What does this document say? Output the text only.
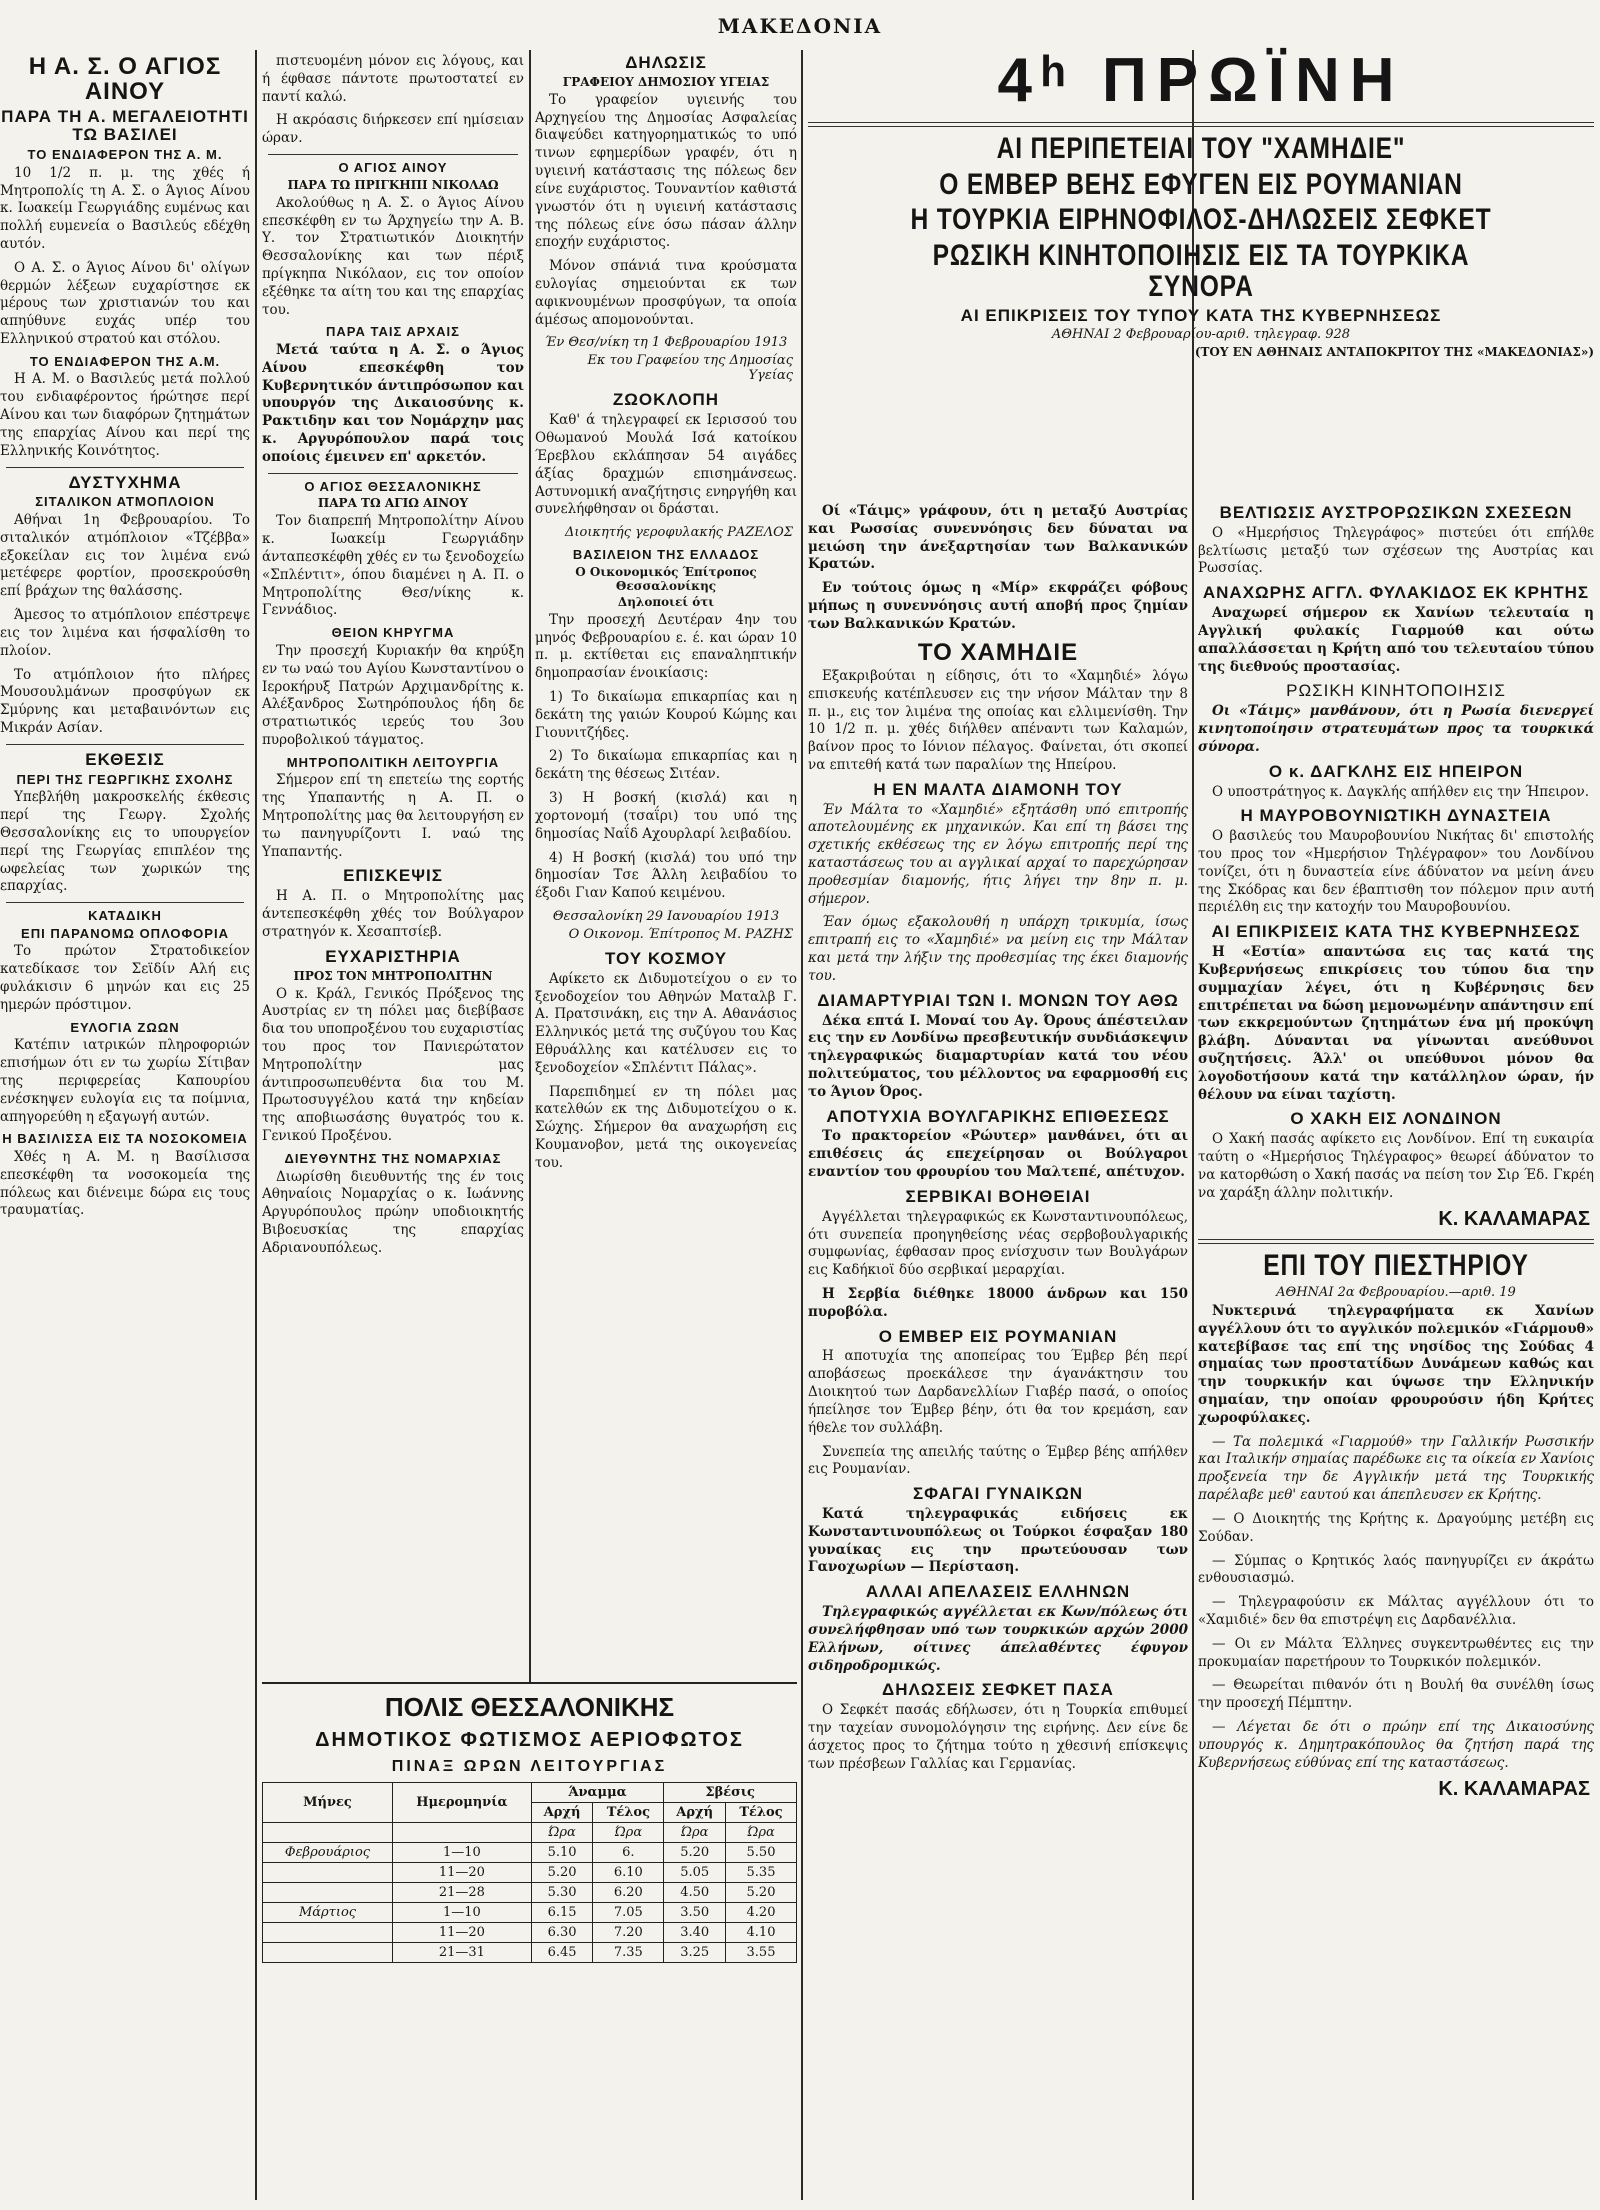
ΜΑΚΕΔΟΝΙΑ
Η Α. Σ. Ο ΑΓΙΟΣ ΑΙΝΟΥ
ΠΑΡΑ ΤΗ Α. ΜΕΓΑΛΕΙΟΤΗΤΙ ΤΩ ΒΑΣΙΛΕΙ
ΤΟ ΕΝΔΙΑΦΕΡΟΝ ΤΗΣ Α. Μ.

10 1/2 π. μ. της χθές ή Μητροπολίς τη Α. Σ. ο Άγιος Αίνου κ. Ιωακείμ Γεωργιάδης ευμένως και πολλή ευμενεία ο Βασιλεύς εδέχθη αυτόν.

Ο Α. Σ. ο Άγιος Αίνου δι' ολίγων θερμών λέξεων ευχαρίστησε εκ μέρους των χριστιανών του και απηύθυνε ευχάς υπέρ του Ελληνικού στρατού και στόλου.

ΤΟ ΕΝΔΙΑΦΕΡΟΝ ΤΗΣ Α.Μ.

Η Α. Μ. ο Βασιλεύς μετά πολλού του ενδιαφέροντος ήρώτησε περί Αίνου και των διαφόρων ζητημάτων της επαρχίας Αίνου και περί της Ελληνικής Κοινότητος.

ΔΥΣΤΥΧΗΜΑ
ΣΙΤΑΛΙΚΟΝ ΑΤΜΟΠΛΟΙΟΝ

Αθήναι 1η Φεβρουαρίου. Το σιταλικόν ατμόπλοιον «Τζέββα» εξοκείλαν εις τον λιμένα ενώ μετέφερε φορτίον, προσεκρούσθη επί βράχων της θαλάσσης.

Άμεσος το ατμόπλοιον επέστρεψε εις τον λιμένα και ήσφαλίσθη το πλοίον.

Το ατμόπλοιον ήτο πλήρες Μουσουλμάνων προσφύγων εκ Σμύρνης και μεταβαινόντων εις Μικράν Ασίαν.

ΕΚΘΕΣΙΣ
ΠΕΡΙ ΤΗΣ ΓΕΩΡΓΙΚΗΣ ΣΧΟΛΗΣ

Υπεβλήθη μακροσκελής έκθεσις περί της Γεωργ. Σχολής Θεσσαλονίκης εις το υπουργείον περί της Γεωργίας επιπλέον της ωφελείας των χωρικών της επαρχίας.

ΚΑΤΑΔΙΚΗ
ΕΠΙ ΠΑΡΑΝΟΜΩ ΟΠΛΟΦΟΡΙΑ

Το πρώτον Στρατοδικείον κατεδίκασε τον Σεϊδίν Αλή εις φυλάκισιν 6 μηνών και εις 25 ημερών πρόστιμον.

ΕΥΛΟΓΙΑ ΖΩΩΝ

Κατέπιν ιατρικών πληροφοριών επισήμων ότι εν τω χωρίω Σίτιβαν της περιφερείας Καπουρίου ενέσκηψεν ευλογία εις τα ποίμνια, απηγορεύθη η εξαγωγή αυτών.

Η ΒΑΣΙΛΙΣΣΑ ΕΙΣ ΤΑ ΝΟΣΟΚΟΜΕΙΑ

Χθές η Α. Μ. η Βασίλισσα επεσκέφθη τα νοσοκομεία της πόλεως και διένειμε δώρα εις τους τραυματίας.

πιστευομένη μόνον εις λόγους, και ή έφθασε πάντοτε πρωτοστατεί εν παντί καλώ.

Η ακρόασις διήρκεσεν επί ημίσειαν ώραν.

Ο ΑΓΙΟΣ ΑΙΝΟΥ
ΠΑΡΑ ΤΩ ΠΡΙΓΚΗΠΙ ΝΙΚΟΛΑΩ

Ακολούθως η Α. Σ. ο Άγιος Αίνου επεσκέφθη εν τω Άρχηγείω την Α. Β. Υ. τον Στρατιωτικόν Διοικητήν Θεσσαλονίκης και των πέριξ πρίγκηπα Νικόλαον, εις τον οποίον εξέθηκε τα αίτη του και της επαρχίας του.

ΠΑΡΑ ΤΑΙΣ ΑΡΧΑΙΣ

Μετά ταύτα η Α. Σ. ο Άγιος Αίνου επεσκέφθη τον Κυβερνητικόν άντιπρόσωπον και υπουργόν της Δικαιοσύνης κ. Ρακτιδην και τον Νομάρχην μας κ. Αργυρόπουλον παρά τοις οποίοις έμεινεν επ' αρκετόν.

Ο ΑΓΙΟΣ ΘΕΣΣΑΛΟΝΙΚΗΣ
ΠΑΡΑ ΤΩ ΑΓΙΩ ΑΙΝΟΥ

Τον διαπρεπή Μητροπολίτην Αίνου κ. Ιωακείμ Γεωργιάδην άνταπεσκέφθη χθές εν τω ξενοδοχείω «Σπλέντιτ», όπου διαμένει η Α. Π. ο Μητροπολίτης Θεσ/νίκης κ. Γεννάδιος.

ΘΕΙΟΝ ΚΗΡΥΓΜΑ

Την προσεχή Κυριακήν θα κηρύξη εν τω ναώ του Αγίου Κωνσταντίνου ο Ιεροκήρυξ Πατρών Αρχιμανδρίτης κ. Αλέξανδρος Σωτηρόπουλος ήδη δε στρατιωτικός ιερεύς του 3ου πυροβολικού τάγματος.

ΜΗΤΡΟΠΟΛΙΤΙΚΗ ΛΕΙΤΟΥΡΓΙΑ

Σήμερον επί τη επετείω της εορτής της Υπαπαντής η Α. Π. ο Μητροπολίτης μας θα λειτουργήση εν τω πανηγυρίζοντι Ι. ναώ της Υπαπαντής.

ΕΠΙΣΚΕΨΙΣ

Η Α. Π. ο Μητροπολίτης μας άντεπεσκέφθη χθές τον Βούλγαρον στρατηγόν κ. Χεσαπτσίεβ.

ΕΥΧΑΡΙΣΤΗΡΙΑ
ΠΡΟΣ ΤΟΝ ΜΗΤΡΟΠΟΛΙΤΗΝ

Ο κ. Κράλ, Γενικός Πρόξενος της Αυστρίας εν τη πόλει μας διεβίβασε δια του υποπροξένου του ευχαριστίας του προς τον Πανιερώτατον Μητροπολίτην μας άντιπροσωπευθέντα δια του Μ. Πρωτοσυγγέλου κατά την κηδείαν της αποβιωσάσης θυγατρός του κ. Γενικού Προξένου.

ΔΙΕΥΘΥΝΤΗΣ ΤΗΣ ΝΟΜΑΡΧΙΑΣ

Διωρίσθη διευθυντής της έν τοις Αθηναίοις Νομαρχίας ο κ. Ιωάννης Αργυρόπουλος πρώην υποδιοικητής Βιβοευσκίας της επαρχίας Αδριανουπόλεως.

ΔΗΛΩΣΙΣ
ΓΡΑΦΕΙΟΥ ΔΗΜΟΣΙΟΥ ΥΓΕΙΑΣ

Το γραφείον υγιεινής του Αρχηγείου της Δημοσίας Ασφαλείας διαψεύδει κατηγορηματικώς το υπό τινων εφημερίδων γραφέν, ότι η υγιεινή κατάστασις της πόλεως δεν είνε ευχάριστος. Τουναντίον καθιστά γνωστόν ότι η υγιεινή κατάστασις της πόλεως είνε όσω πάσαν άλλην εποχήν ευχάριστος.

Μόνον σπάνιά τινα κρούσματα ευλογίας σημειούνται εκ των αφικνουμένων προσφύγων, τα οποία άμέσως απομονούνται.

Έν Θεσ/νίκη τη 1 Φεβρουαρίου 1913
Εκ του Γραφείου της Δημοσίας Υγείας
ΖΩΟΚΛΟΠΗ

Καθ' ά τηλεγραφεί εκ Ιερισσού του Οθωμανού Μουλά Ισά κατοίκου Έρεβλου εκλάπησαν 54 αιγάδες άξίας δραχμών επισημάνσεως. Αστυνομική αναζήτησις ενηργήθη και συνελήφθησαν οι δράσται.

Διοικητής γεροφυλακής ΡΑΖΕΛΟΣ
ΒΑΣΙΛΕΙΟΝ ΤΗΣ ΕΛΛΑΔΟΣ
Ο Οικονομικός Έπίτροπος Θεσσαλονίκης
Δηλοποιεί ότι

Την προσεχή Δευτέραν 4ην του μηνός Φεβρουαρίου ε. έ. και ώραν 10 π. μ. εκτίθεται εις επαναληπτικήν δημοπρασίαν ένοικίασις:

1) Το δικαίωμα επικαρπίας και η δεκάτη της γαιών Κουρού Κώμης και Γιουνιτζήδες.

2) Το δικαίωμα επικαρπίας και η δεκάτη της θέσεως Σιτέαν.

3) Η βοσκή (κισλά) και η χορτονομή (τσαΐρι) του υπό της δημοσίας Ναΐδ Αχουρλαρί λειβαδίου.

4) Η βοσκή (κισλά) του υπό την δημοσίαν Τσε Άλλη λειβαδίου το έξοδι Γιαν Καπού κειμένου.

Θεσσαλονίκη 29 Ιανουαρίου 1913
Ο Οικονομ. Έπίτροπος Μ. ΡΑΖΗΣ
ΤΟΥ ΚΟΣΜΟΥ

Αφίκετο εκ Διδυμοτείχου ο εν το ξενοδοχείον του Αθηνών Ματαλβ Γ. Α. Πρατσινάκη, εις την Α. Αθανάσιος Ελληνικός μετά της συζύγου του Κας Εθρυάλλης και κατέλυσεν εις το ξενοδοχείον «Σπλέντιτ Πάλας».

Παρεπιδημεί εν τη πόλει μας κατελθών εκ της Διδυμοτείχου ο κ. Σώχης. Σήμερον θα αναχωρήση εις Κουμανοβον, μετά της οικογενείας του.

ΠΟΛΙΣ ΘΕΣΣΑΛΟΝΙΚΗΣ
ΔΗΜΟΤΙΚΟΣ ΦΩΤΙΣΜΟΣ ΑΕΡΙΟΦΩΤΟΣ
ΠΙΝΑΞ ΩΡΩΝ ΛΕΙΤΟΥΡΓΙΑΣ
Μήνες	Ημερομηνία	Άναμμα		Σβέσις	
		Αρχή	Τέλος	Αρχή	Τέλος
		Ώρα	Ώρα	Ώρα	Ώρα
Φεβρουάριος	1—10	5.10	6.	5.20	5.50
	11—20	5.20	6.10	5.05	5.35
	21—28	5.30	6.20	4.50	5.20
Μάρτιος	1—10	6.15	7.05	3.50	4.20
	11—20	6.30	7.20	3.40	4.10
	21—31	6.45	7.35	3.25	3.55
4ʰ ΠΡΩΪΝΗ
ΑΙ ΠΕΡΙΠΕΤΕΙΑΙ ΤΟΥ "ΧΑΜΗΔΙΕ"
Ο ΕΜΒΕΡ ΒΕΗΣ ΕΦΥΓΕΝ ΕΙΣ ΡΟΥΜΑΝΙΑΝ
Η ΤΟΥΡΚΙΑ ΕΙΡΗΝΟΦΙΛΟΣ-ΔΗΛΩΣΕΙΣ ΣΕΦΚΕΤ
ΡΩΣΙΚΗ ΚΙΝΗΤΟΠΟΙΗΣΙΣ ΕΙΣ ΤΑ ΤΟΥΡΚΙΚΑ ΣΥΝΟΡΑ
ΑΙ ΕΠΙΚΡΙΣΕΙΣ ΤΟΥ ΤΥΠΟΥ ΚΑΤΑ ΤΗΣ ΚΥΒΕΡΝΗΣΕΩΣ
ΑΘΗΝΑΙ 2 Φεβρουαρίου-αριθ. τηλεγραφ. 928
(ΤΟΥ ΕΝ ΑΘΗΝΑΙΣ ΑΝΤΑΠΟΚΡΙΤΟΥ ΤΗΣ «ΜΑΚΕΔΟΝΙΑΣ»)

Οί «Τάιμς» γράφουν, ότι η μεταξύ Αυστρίας και Ρωσσίας συνεννόησις δεν δύναται να μειώση την άνεξαρτησίαν των Βαλκανικών Κρατών.

Εν τούτοις όμως η «Μίρ» εκφράζει φόβους μήπως η συνεννόησις αυτή αποβή προς ζημίαν των Βαλκανικών Κρατών.

ΤΟ ΧΑΜΗΔΙΕ

Εξακριβούται η είδησις, ότι το «Χαμηδιέ» λόγω επισκευής κατέπλευσεν εις την νήσον Μάλταν την 8 π. μ., εις τον λιμένα της οποίας και ελλιμενίσθη. Την 10 1/2 π. μ. χθές διήλθεν απέναντι των Καλαμών, βαίνον προς το Ιόνιον πέλαγος. Φαίνεται, ότι σκοπεί να επιτεθή κατά των παραλίων της Ηπείρου.

Η ΕΝ ΜΑΛΤΑ ΔΙΑΜΟΝΗ ΤΟΥ

Έν Μάλτα το «Χαμηδιέ» εξητάσθη υπό επιτροπής αποτελουμένης εκ μηχανικών. Και επί τη βάσει της σχετικής εκθέσεως της εν λόγω επιτροπής περί της καταστάσεως του αι αγγλικαί αρχαί το παρεχώρησαν προθεσμίαν διαμονής, ήτις λήγει την 8ην π. μ. σήμερον.

Έαν όμως εξακολουθή η υπάρχη τρικυμία, ίσως επιτραπή εις το «Χαμηδιέ» να μείνη εις την Μάλταν και μετά την λήξιν της προθεσμίας της έκει διαμονής του.

ΔΙΑΜΑΡΤΥΡΙΑΙ ΤΩΝ Ι. ΜΟΝΩΝ ΤΟΥ ΑΘΩ

Δέκα επτά Ι. Μοναί του Αγ. Όρους άπέστειλαν εις την εν Λονδίνω πρεσβευτικήν συνδιάσκεψιν τηλεγραφικώς διαμαρτυρίαν κατά του νέου πολιτεύματος, του μέλλοντος να εφαρμοσθή εις το Άγιον Όρος.

ΑΠΟΤΥΧΙΑ ΒΟΥΛΓΑΡΙΚΗΣ ΕΠΙΘΕΣΕΩΣ

Το πρακτορείον «Ρώυτερ» μανθάνει, ότι αι επιθέσεις άς επεχείρησαν οι Βούλγαροι εναντίον του φρουρίου του Μαλτεπέ, απέτυχον.

ΣΕΡΒΙΚΑΙ ΒΟΗΘΕΙΑΙ

Αγγέλλεται τηλεγραφικώς εκ Κωνσταντινουπόλεως, ότι συνεπεία προηγηθείσης νέας σερβοβουλγαρικής συμφωνίας, έφθασαν προς ενίσχυσιν των Βουλγάρων εις Καδήκιοϊ δύο σερβικαί μεραρχίαι.

Η Σερβία διέθηκε 18000 άνδρων και 150 πυροβόλα.

Ο ΕΜΒΕΡ ΕΙΣ ΡΟΥΜΑΝΙΑΝ

Η αποτυχία της αποπείρας του Έμβερ βέη περί αποβάσεως προεκάλεσε την άγανάκτησιν του Διοικητού των Δαρδανελλίων Γιαβέρ πασά, ο οποίος ήπείλησε τον Έμβερ βέην, ότι θα τον κρεμάση, εαν ήθελε τον συλλάβη.

Συνεπεία της απειλής ταύτης ο Έμβερ βέης απήλθεν εις Ρουμανίαν.

ΣΦΑΓΑΙ ΓΥΝΑΙΚΩΝ

Κατά τηλεγραφικάς ειδήσεις εκ Κωνσταντινουπόλεως οι Τούρκοι έσφαξαν 180 γυναίκας εις την πρωτεύουσαν των Γανοχωρίων — Περίσταση.

ΑΛΛΑΙ ΑΠΕΛΑΣΕΙΣ ΕΛΛΗΝΩΝ

Τηλεγραφικώς αγγέλλεται εκ Κων/πόλεως ότι συνελήφθησαν υπό των τουρκικών αρχών 2000 Ελλήνων, οίτινες άπελαθέντες έφυγον σιδηροδρομικώς.

ΔΗΛΩΣΕΙΣ ΣΕΦΚΕΤ ΠΑΣΑ

Ο Σεφκέτ πασάς εδήλωσεν, ότι η Τουρκία επιθυμεί την ταχείαν συνομολόγησιν της ειρήνης. Δεν είνε δε άσχετος προς το ζήτημα τούτο η χθεσινή επίσκεψις των πρέσβεων Γαλλίας και Γερμανίας.

ΒΕΛΤΙΩΣΙΣ ΑΥΣΤΡΟΡΩΣΙΚΩΝ ΣΧΕΣΕΩΝ

Ο «Ημερήσιος Τηλεγράφος» πιστεύει ότι επήλθε βελτίωσις μεταξύ των σχέσεων της Αυστρίας και Ρωσσίας.

ΑΝΑΧΩΡΗΣ ΑΓΓΛ. ΦΥΛΑΚΙΔΟΣ ΕΚ ΚΡΗΤΗΣ

Αναχωρεί σήμερον εκ Χανίων τελευταία η Αγγλική φυλακίς Γιαρμούθ και ούτω απαλλάσσεται η Κρήτη από του τελευταίου τύπου της διεθνούς προστασίας.

ΡΩΣΙΚΗ ΚΙΝΗΤΟΠΟΙΗΣΙΣ

Οι «Τάιμς» μανθάνουν, ότι η Ρωσία διενεργεί κινητοποίησιν στρατευμάτων προς τα τουρκικά σύνορα.

Ο κ. ΔΑΓΚΛΗΣ ΕΙΣ ΗΠΕΙΡΟΝ

Ο υποστράτηγος κ. Δαγκλής απήλθεν εις την Ήπειρον.

Η ΜΑΥΡΟΒΟΥΝΙΩΤΙΚΗ ΔΥΝΑΣΤΕΙΑ

Ο βασιλεύς του Μαυροβουνίου Νικήτας δι' επιστολής του προς τον «Ημερήσιον Τηλέγραφον» του Λονδίνου τονίζει, ότι η δυναστεία είνε άδύνατον να μείνη άνευ της Σκόδρας και δεν έβαπτισθη τον πόλεμον πριν αυτή περιέλθη εις την κατοχήν του Μαυροβουνίου.

ΑΙ ΕΠΙΚΡΙΣΕΙΣ ΚΑΤΑ ΤΗΣ ΚΥΒΕΡΝΗΣΕΩΣ

Η «Εστία» απαντώσα εις τας κατά της Κυβερνήσεως επικρίσεις του τύπου δια την συμμαχίαν λέγει, ότι η Κυβέρνησις δεν επιτρέπεται να δώση μεμονωμένην απάντησιν επί των εκκρεμούντων ζητημάτων ένα μή προκύψη βλάβη. Δύνανται να γίνωνται ανεύθυνοι συζητήσεις. Άλλ' οι υπεύθυνοι μόνον θα λογοδοτήσουν κατά την κατάλληλον ώραν, ήν θέλουν να είναι ταχίστη.

Ο ΧΑΚΗ ΕΙΣ ΛΟΝΔΙΝΟΝ

Ο Χακή πασάς αφίκετο εις Λονδίνον. Επί τη ευκαιρία ταύτη ο «Ημερήσιος Τηλέγραφος» θεωρεί άδύνατον το να κατορθώση ο Χακή πασάς να πείση τον Σιρ Έδ. Γκρέη να χαράξη άλλην πολιτικήν.

Κ. ΚΑΛΑΜΑΡΑΣ
ΕΠΙ ΤΟΥ ΠΙΕΣΤΗΡΙΟΥ
ΑΘΗΝΑΙ 2α Φεβρουαρίου.—αριθ. 19

Νυκτερινά τηλεγραφήματα εκ Χανίων αγγέλλουν ότι το αγγλικόν πολεμικόν «Γιάρμουθ» κατεβίβασε τας επί της νησίδος της Σούδας 4 σημαίας των προστατίδων Δυνάμεων καθώς και την τουρκικήν και ύψωσε την Ελληνικήν σημαίαν, την οποίαν φρουρούσιν ήδη Κρήτες χωροφύλακες.

— Τα πολεμικά «Γιαρμούθ» την Γαλλικήν Ρωσσικήν και Ιταλικήν σημαίας παρέδωκε εις τα οίκεία εν Χανίοις προξενεία την δε Αγγλικήν μετά της Τουρκικής παρέλαβε μεθ' εαυτού και άπεπλευσεν εκ Κρήτης.

— Ο Διοικητής της Κρήτης κ. Δραγούμης μετέβη εις Σούδαν.

— Σύμπας ο Κρητικός λαός πανηγυρίζει εν άκράτω ενθουσιασμώ.

— Τηλεγραφούσιν εκ Μάλτας αγγέλλουν ότι το «Χαμιδιέ» δεν θα επιστρέψη εις Δαρδανέλλια.

— Οι εν Μάλτα Έλληνες συγκεντρωθέντες εις την προκυμαίαν παρετήρουν το Τουρκικόν πολεμικόν.

— Θεωρείται πιθανόν ότι η Βουλή θα συνέλθη ίσως την προσεχή Πέμπτην.

— Λέγεται δε ότι ο πρώην επί της Δικαιοσύνης υπουργός κ. Δημητρακόπουλος θα ζητήση παρά της Κυβερνήσεως εύθύνας επί της καταστάσεως.

Κ. ΚΑΛΑΜΑΡΑΣ
